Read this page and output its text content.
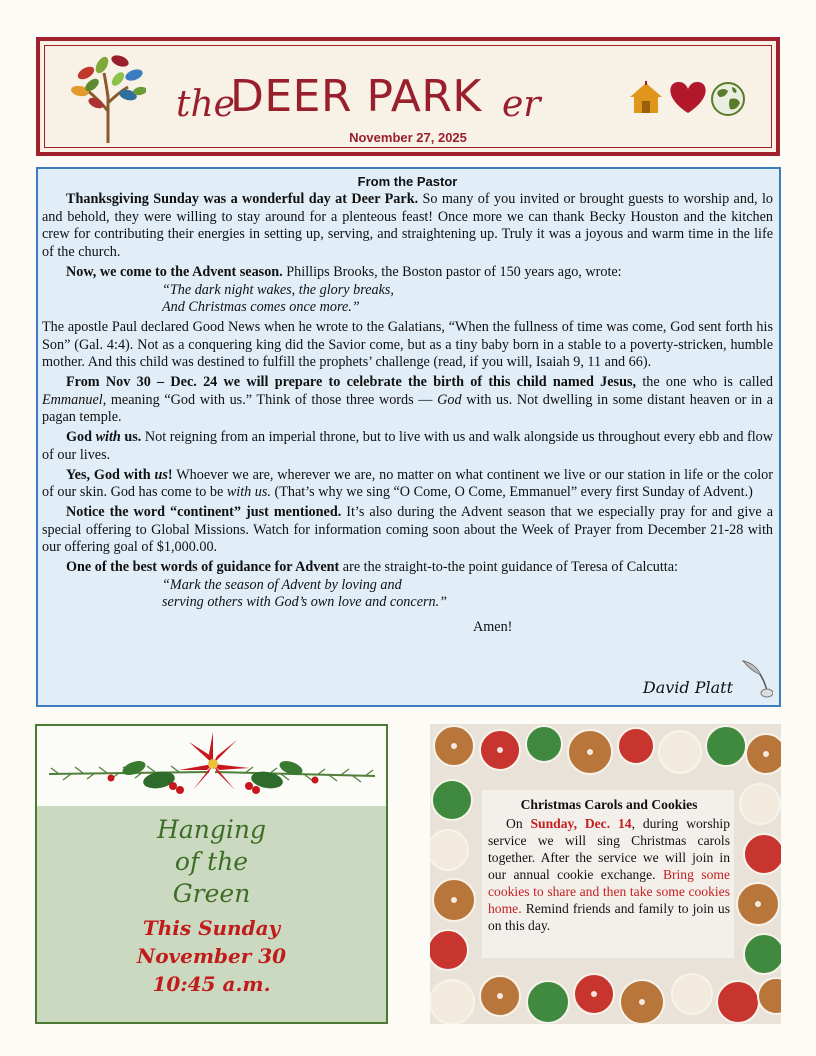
the
DEER PARK er
November 27, 2025
From the Pastor

Thanksgiving Sunday was a wonderful day at Deer Park. So many of you invited or brought guests to worship and, lo and behold, they were willing to stay around for a plenteous feast! Once more we can thank Becky Houston and the kitchen crew for contributing their energies in setting up, serving, and straightening up. Truly it was a joyous and warm time in the life of the church.

Now, we come to the Advent season. Phillips Brooks, the Boston pastor of 150 years ago, wrote:

“The dark night wakes, the glory breaks,
And Christmas comes once more.”

The apostle Paul declared Good News when he wrote to the Galatians, “When the fullness of time was come, God sent forth his Son” (Gal. 4:4). Not as a conquering king did the Savior come, but as a tiny baby born in a stable to a poverty-stricken, humble mother. And this child was destined to fulfill the prophets’ challenge (read, if you will, Isaiah 9, 11 and 66).

From Nov 30 – Dec. 24 we will prepare to celebrate the birth of this child named Jesus, the one who is called Emmanuel, meaning “God with us.” Think of those three words — God with us. Not dwelling in some distant heaven or in a pagan temple.

God with us. Not reigning from an imperial throne, but to live with us and walk alongside us throughout every ebb and flow of our lives.

Yes, God with us! Whoever we are, wherever we are, no matter on what continent we live or our station in life or the color of our skin. God has come to be with us. (That’s why we sing “O Come, O Come, Emmanuel” every first Sunday of Advent.)

Notice the word “continent” just mentioned. It’s also during the Advent season that we especially pray for and give a special offering to Global Missions. Watch for information coming soon about the Week of Prayer from December 21-28 with our offering goal of $1,000.00.

One of the best words of guidance for Advent are the straight-to-the point guidance of Teresa of Calcutta:

“Mark the season of Advent by loving and
serving others with God’s own love and concern.”
Amen!
David Platt
Hanging
of the
Green
This Sunday
November 30
10:45 a.m.
Christmas Carols and Cookies

On Sunday, Dec. 14, during worship service we will sing Christmas carols together. After the service we will join in our annual cookie exchange. Bring some cookies to share and then take some cookies home. Remind friends and family to join us on this day.
